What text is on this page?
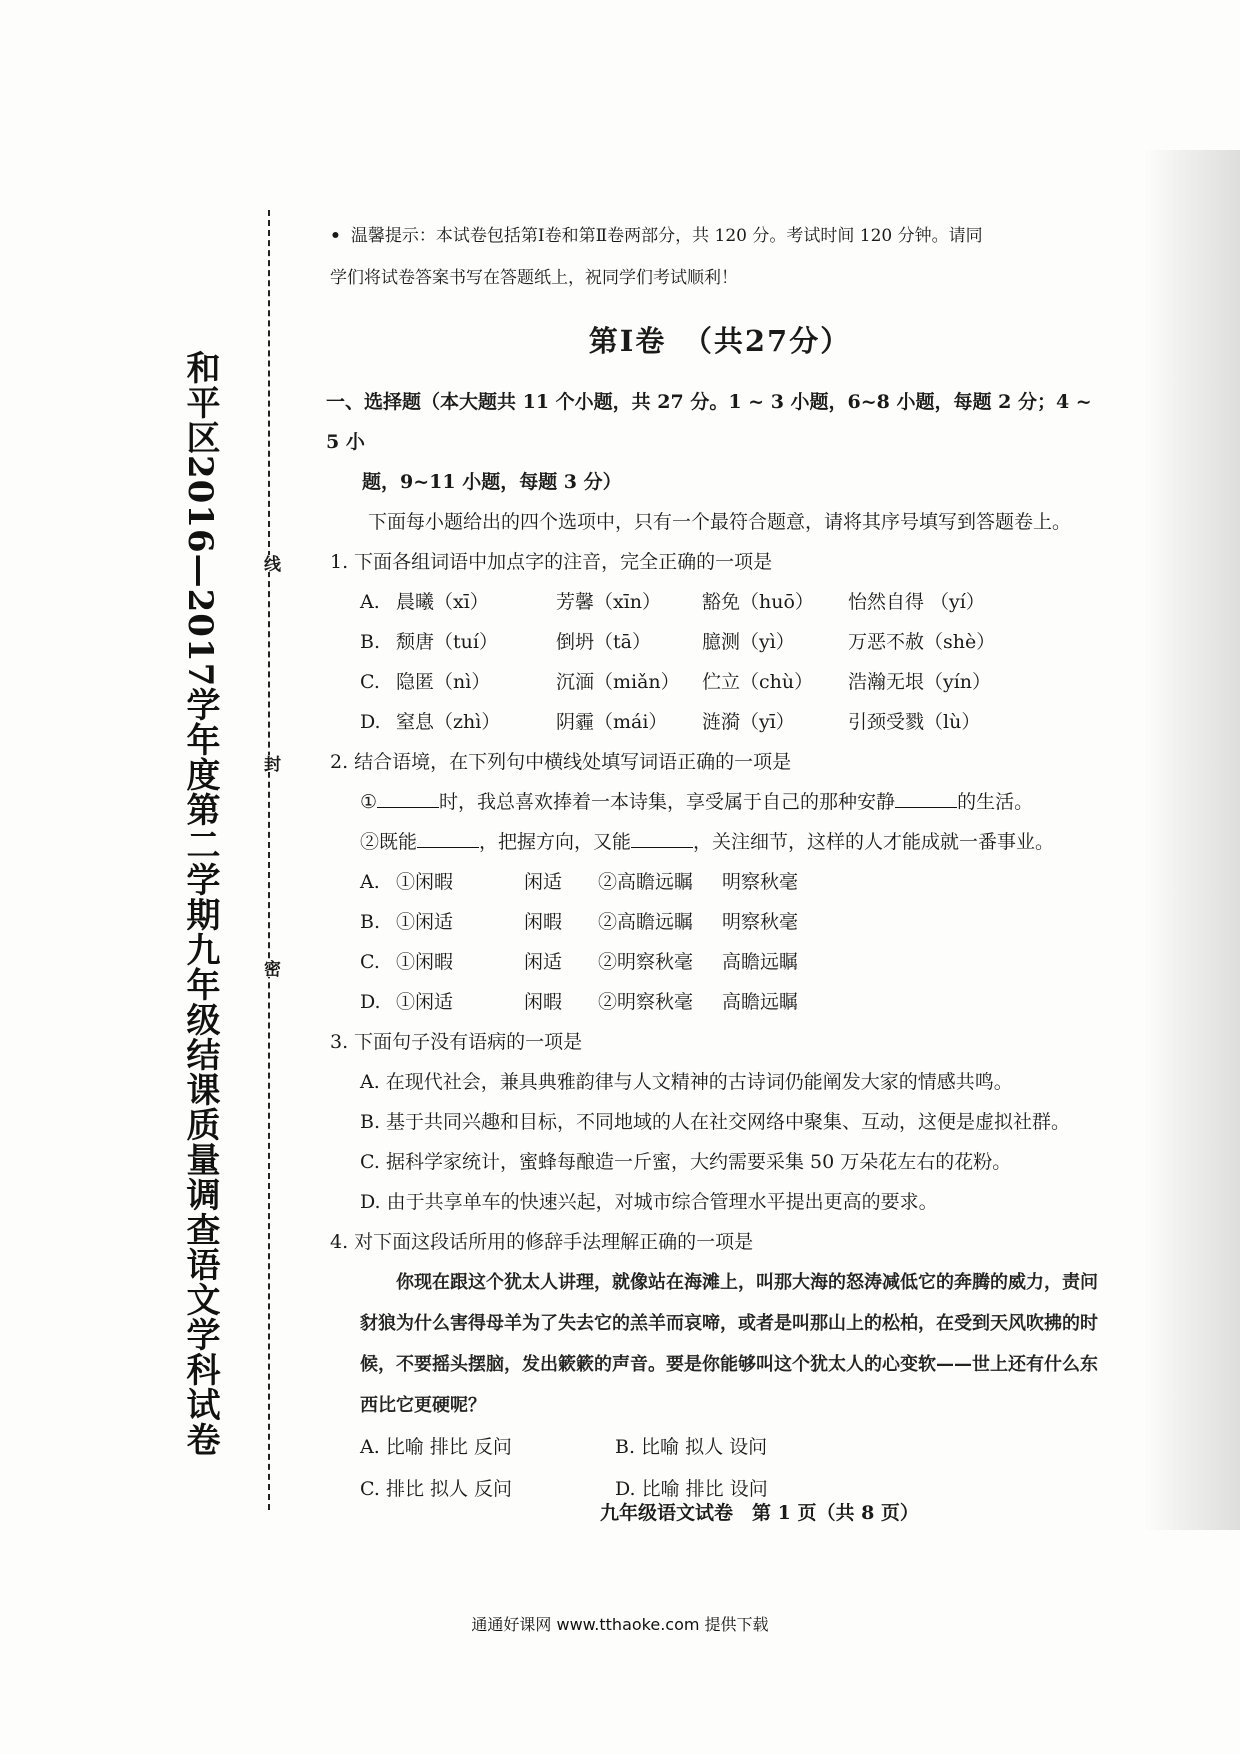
和平区2016—2017学年度第二学期九年级结课质量调查语文学科试卷 线
封
密

• 温馨提示：本试卷包括第Ⅰ卷和第Ⅱ卷两部分，共 120 分。考试时间 120 分钟。请同
学们将试卷答案书写在答题纸上，祝同学们考试顺利！

第Ⅰ卷　（共27分）
一、选择题（本大题共 11 个小题，共 27 分。1 ~ 3 小题，6~8 小题，每题 2 分；4 ~ 5 小
题，9~11 小题，每题 3 分）
下面每小题给出的四个选项中，只有一个最符合题意，请将其序号填写到答题卷上。
1. 下面各组词语中加点字的注音，完全正确的一项是
A. 晨曦（xī）	芳馨（xīn）	豁免（huō）	怡然自得 （yí）
B. 颓唐（tuí）	倒坍（tā）	臆测（yì）	万恶不赦（shè）
C. 隐匿（nì）	沉湎（miǎn）	伫立（chù）	浩瀚无垠（yín）
D. 窒息（zhì）	阴霾（mái）	涟漪（yī）	引颈受戮（lù）
2. 结合语境，在下列句中横线处填写词语正确的一项是
①	时，我总喜欢捧着一本诗集，享受属于自己的那种安静	的生活。
②既能	，把握方向，又能	，关注细节，这样的人才能成就一番事业。
A. ①闲暇	闲适	②高瞻远瞩	明察秋毫
B. ①闲适	闲暇	②高瞻远瞩	明察秋毫
C. ①闲暇	闲适	②明察秋毫	高瞻远瞩
D. ①闲适	闲暇	②明察秋毫	高瞻远瞩
3. 下面句子没有语病的一项是
A. 在现代社会，兼具典雅韵律与人文精神的古诗词仍能阐发大家的情感共鸣。
B. 基于共同兴趣和目标，不同地域的人在社交网络中聚集、互动，这便是虚拟社群。
C. 据科学家统计，蜜蜂每酿造一斤蜜，大约需要采集 50 万朵花左右的花粉。
D. 由于共享单车的快速兴起，对城市综合管理水平提出更高的要求。
4. 对下面这段话所用的修辞手法理解正确的一项是
你现在跟这个犹太人讲理，就像站在海滩上，叫那大海的怒涛减低它的奔腾的威力，责问豺狼为什么害得母羊为了失去它的羔羊而哀啼，或者是叫那山上的松柏，在受到天风吹拂的时候，不要摇头摆脑，发出簌簌的声音。要是你能够叫这个犹太人的心变软——世上还有什么东西比它更硬呢？
A. 比喻 排比 反问	B. 比喻 拟人 设问
C. 排比 拟人 反问	D. 比喻 排比 设问
九年级语文试卷　第 1 页（共 8 页）
通通好课网 www.tthaoke.com 提供下载
